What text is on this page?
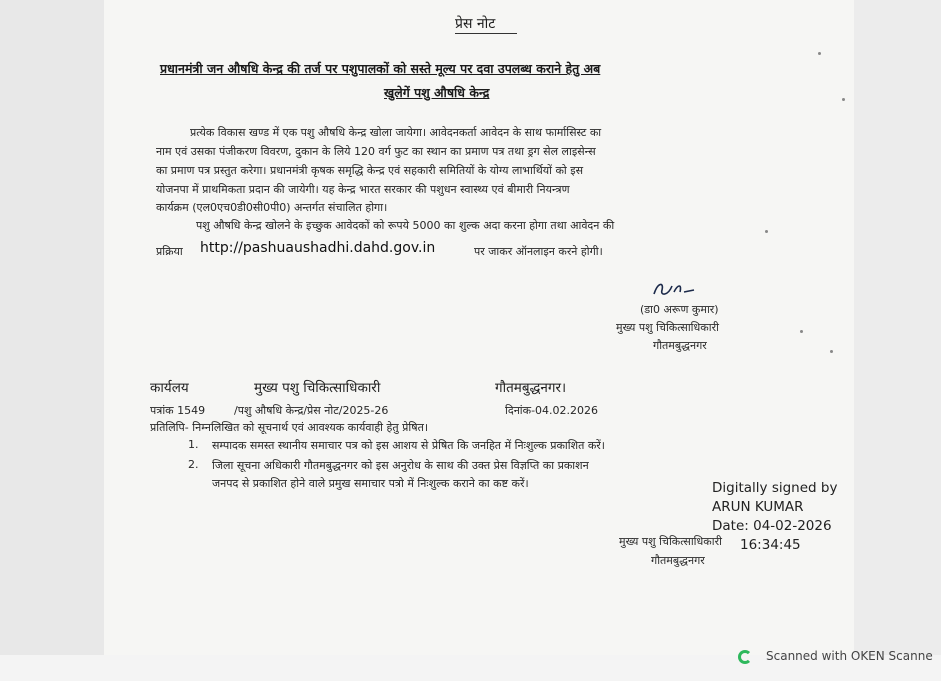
प्रेस नोट
प्रधानमंत्री जन औषधि केन्द्र की तर्ज पर पशुपालकों को सस्ते मूल्य पर दवा उपलब्ध कराने हेतु अब
खुलेगें पशु औषधि केन्द्र
प्रत्येक विकास खण्ड में एक पशु औषधि केन्द्र खोला जायेगा। आवेदनकर्ता आवेदन के साथ फार्मासिस्ट का
नाम एवं उसका पंजीकरण विवरण, दुकान के लिये 120 वर्ग फुट का स्थान का प्रमाण पत्र तथा ड्रग सेल लाइसेन्स
का प्रमाण पत्र प्रस्तुत करेगा। प्रधानमंत्री कृषक समृद्धि केन्द्र एवं सहकारी समितियों के योग्य लाभार्थियों को इस
योजनपा में प्राथमिकता प्रदान की जायेगी। यह केन्द्र भारत सरकार की पशुधन स्वास्थ्य एवं बीमारी नियन्त्रण
कार्यक्रम (एल0एच0डी0सी0पी0) अन्तर्गत संचालित होगा।
पशु औषधि केन्द्र खोलने के इच्छुक आवेदकों को रूपये 5000 का शुल्क अदा करना होगा तथा आवेदन की
प्रक्रिया http://pashuaushadhi.dahd.gov.in	पर जाकर ऑनलाइन करने होगी।
(डा0 अरूण कुमार)
मुख्य पशु चिकित्साधिकारी
गौतमबुद्धनगर
कार्यलय	मुख्य पशु चिकित्साधिकारी	गौतमबुद्धनगर।
पत्रांक 1549	/पशु औषधि केन्द्र/प्रेस नोट/2025-26	दिनांक-04.02.2026
प्रतिलिपि- निम्नलिखित को सूचनार्थ एवं आवश्यक कार्यवाही हेतु प्रेषित।
1. सम्पादक समस्त स्थानीय समाचार पत्र को इस आशय से प्रेषित कि जनहित में निःशुल्क प्रकाशित करें।
2. जिला सूचना अधिकारी गौतमबुद्धनगर को इस अनुरोध के साथ की उक्त प्रेस विज्ञप्ति का प्रकाशन
जनपद से प्रकाशित होने वाले प्रमुख समाचार पत्रो में निःशुल्क कराने का कष्ट करें।	Digitally signed by
ARUN KUMAR
Date: 04-02-2026
16:34:45
मुख्य पशु चिकित्साधिकारी
गौतमबुद्धनगर
Scanned with OKEN Scanne
